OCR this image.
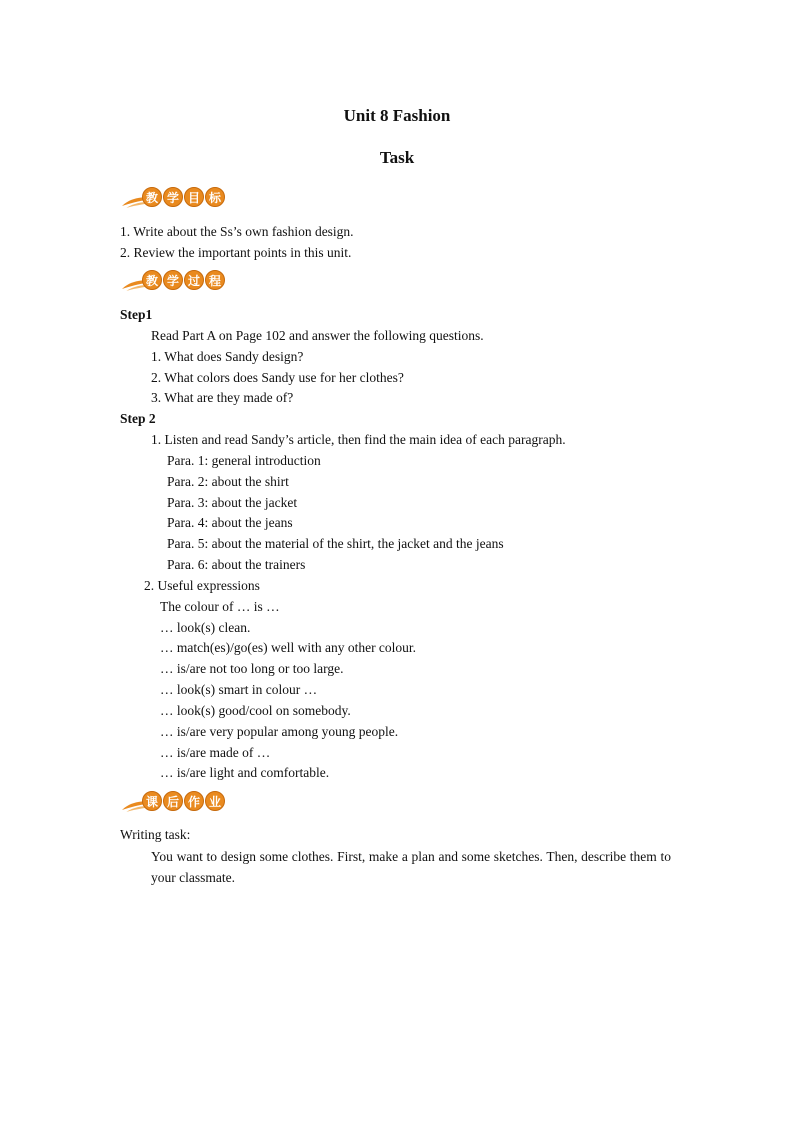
Unit 8 Fashion
Task
教 学 目 标
1. Write about the Ss’s own fashion design.
2. Review the important points in this unit.
教 学 过 程
Step1
Read Part A on Page 102 and answer the following questions.
1. What does Sandy design?
2. What colors does Sandy use for her clothes?
3. What are they made of?
Step 2
1. Listen and read Sandy’s article, then find the main idea of each paragraph.
Para. 1: general introduction
Para. 2: about the shirt
Para. 3: about the jacket
Para. 4: about the jeans
Para. 5: about the material of the shirt, the jacket and the jeans
Para. 6: about the trainers
2. Useful expressions
The colour of … is …
… look(s) clean.
… match(es)/go(es) well with any other colour.
… is/are not too long or too large.
… look(s) smart in colour …
… look(s) good/cool on somebody.
… is/are very popular among young people.
… is/are made of …
… is/are light and comfortable.
课 后 作 业
Writing task:
You want to design some clothes. First, make a plan and some sketches. Then, describe them to your classmate.
